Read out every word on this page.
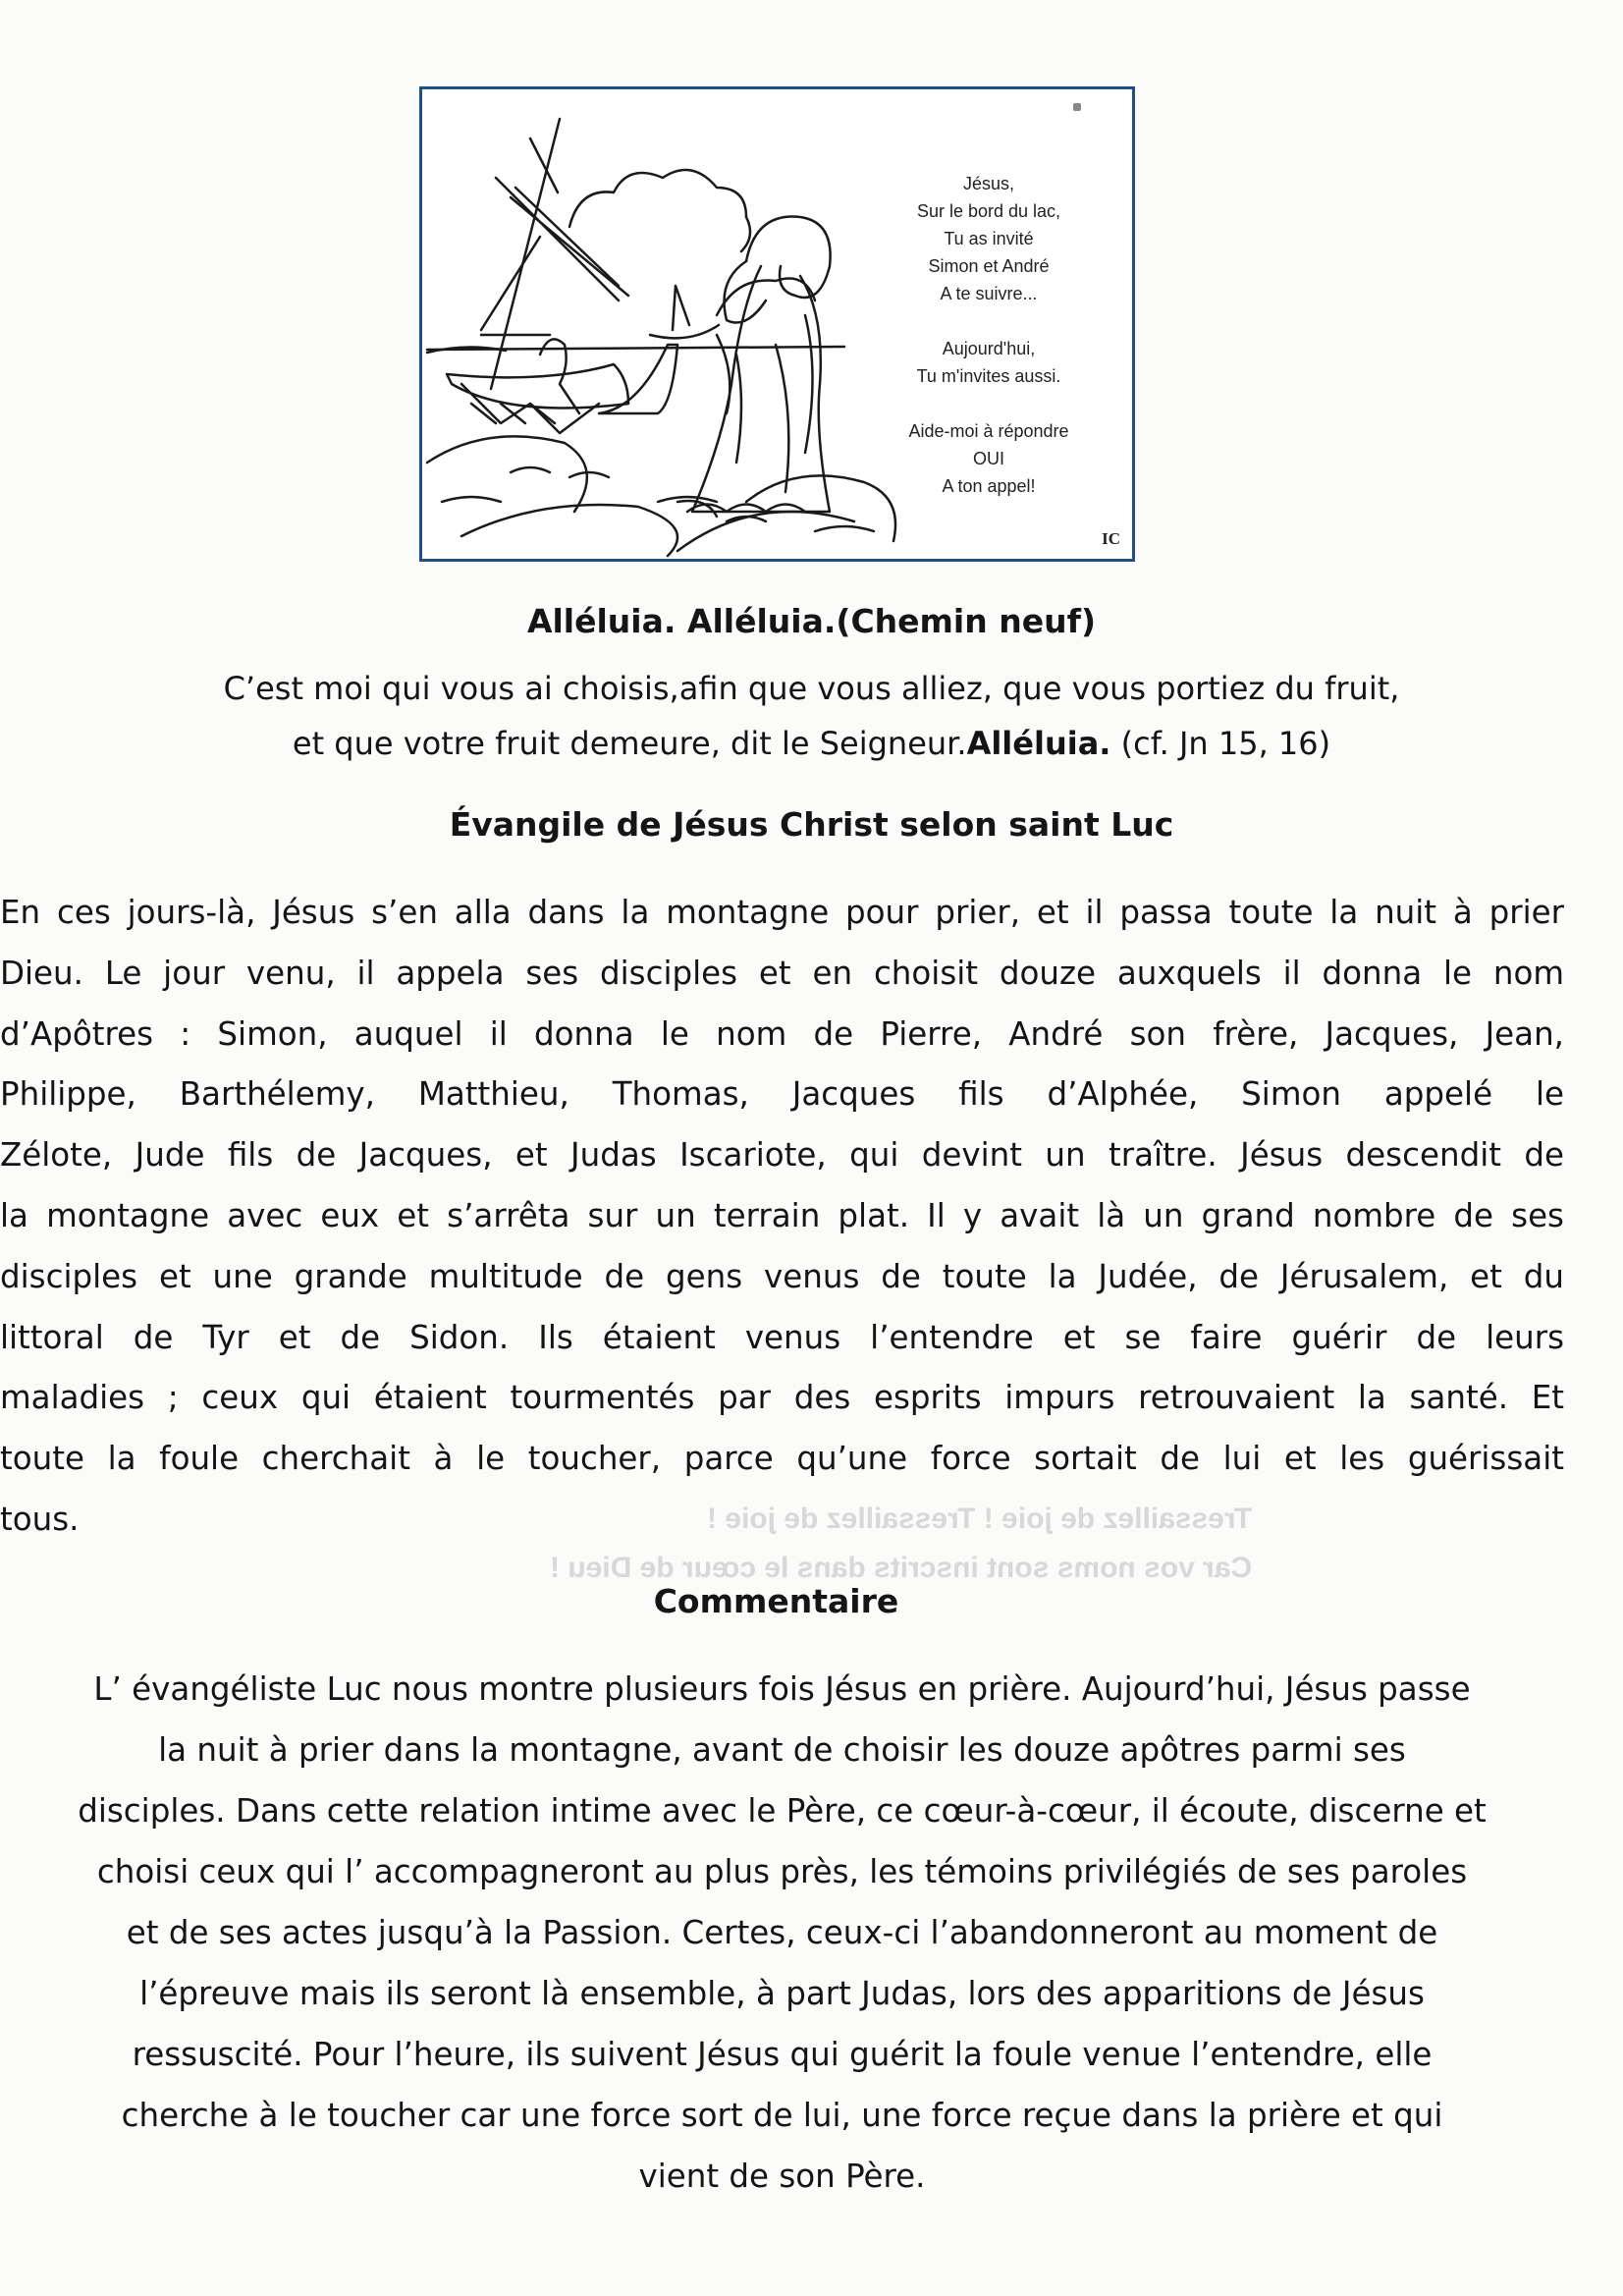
Tressaillez de joie ! Tressaillez de joie !
Car vos noms sont inscrits dans le cœur de Dieu !
Jésus,
Sur le bord du lac,
Tu as invité
Simon et André
A te suivre...
Aujourd'hui,
Tu m'invites aussi.
Aide-moi à répondre
OUI
A ton appel!
IC
Alléluia. Alléluia.(Chemin neuf)
C’est moi qui vous ai choisis,afin que vous alliez, que vous portiez du fruit,
et que votre fruit demeure, dit le Seigneur.Alléluia. (cf. Jn 15, 16)
Évangile de Jésus Christ selon saint Luc
En ces jours-là, Jésus s’en alla dans la montagne pour prier, et il passa toute la nuit à prier
Dieu. Le jour venu, il appela ses disciples et en choisit douze auxquels il donna le nom
d’Apôtres : Simon, auquel il donna le nom de Pierre, André son frère, Jacques, Jean,
Philippe, Barthélemy, Matthieu, Thomas, Jacques fils d’Alphée, Simon appelé le
Zélote, Jude fils de Jacques, et Judas Iscariote, qui devint un traître. Jésus descendit de
la montagne avec eux et s’arrêta sur un terrain plat. Il y avait là un grand nombre de ses
disciples et une grande multitude de gens venus de toute la Judée, de Jérusalem, et du
littoral de Tyr et de Sidon. Ils étaient venus l’entendre et se faire guérir de leurs
maladies ; ceux qui étaient tourmentés par des esprits impurs retrouvaient la santé. Et
toute la foule cherchait à le toucher, parce qu’une force sortait de lui et les guérissait
tous.
Commentaire
L’ évangéliste Luc nous montre plusieurs fois Jésus en prière. Aujourd’hui, Jésus passe
la nuit à prier dans la montagne, avant de choisir les douze apôtres parmi ses
disciples. Dans cette relation intime avec le Père, ce cœur-à-cœur, il écoute, discerne et
choisi ceux qui l’ accompagneront au plus près, les témoins privilégiés de ses paroles
et de ses actes jusqu’à la Passion. Certes, ceux-ci l’abandonneront au moment de
l’épreuve mais ils seront là ensemble, à part Judas, lors des apparitions de Jésus
ressuscité. Pour l’heure, ils suivent Jésus qui guérit la foule venue l’entendre, elle
cherche à le toucher car une force sort de lui, une force reçue dans la prière et qui
vient de son Père.
